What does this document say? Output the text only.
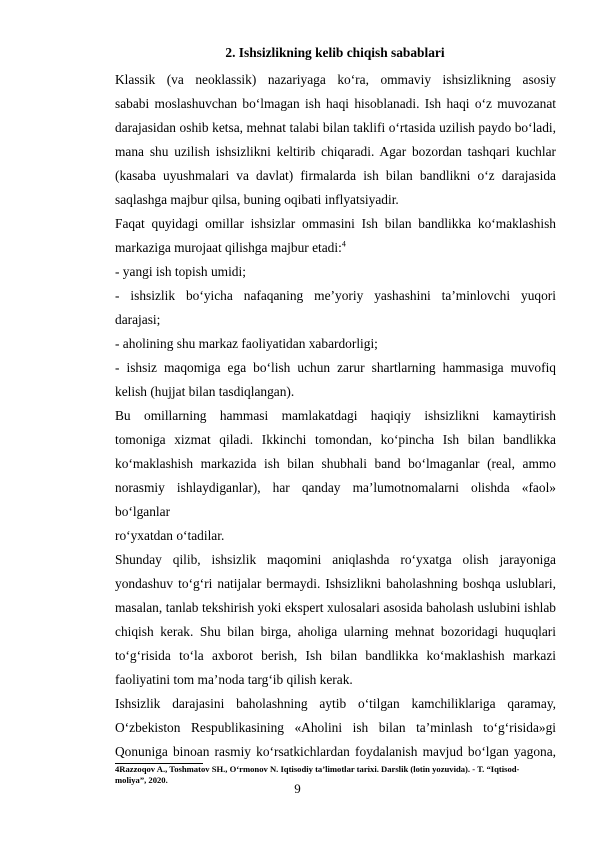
2. Ishsizlikning kelib chiqish sabablari
Klassik (va neoklassik) nazariyaga ko‘ra, ommaviy ishsizlikning asosiy
sababi moslashuvchan bo‘lmagan ish haqi hisoblanadi. Ish haqi o‘z muvozanat
darajasidan oshib ketsa, mehnat talabi bilan taklifi o‘rtasida uzilish paydo bo‘ladi,
mana shu uzilish ishsizlikni keltirib chiqaradi. Agar bozordan tashqari kuchlar
(kasaba uyushmalari va davlat) firmalarda ish bilan bandlikni o‘z darajasida
saqlashga majbur qilsa, buning oqibati inflyatsiyadir.
Faqat quyidagi omillar ishsizlar ommasini Ish bilan bandlikka ko‘maklashish
markaziga murojaat qilishga majbur etadi:$^4$
- yangi ish topish umidi;
- ishsizlik bo‘yicha nafaqaning me’yoriy yashashini ta’minlovchi yuqori
darajasi;
- aholining shu markaz faoliyatidan xabardorligi;
- ishsiz maqomiga ega bo‘lish uchun zarur shartlarning hammasiga muvofiq
kelish (hujjat bilan tasdiqlangan).
Bu omillarning hammasi mamlakatdagi haqiqiy ishsizlikni kamaytirish
tomoniga xizmat qiladi. Ikkinchi tomondan, ko‘pincha Ish bilan bandlikka
ko‘maklashish markazida ish bilan shubhali band bo‘lmaganlar (real, ammo
norasmiy ishlaydiganlar), har qanday ma’lumotnomalarni olishda «faol» bo‘lganlar
ro‘yxatdan o‘tadilar.
Shunday qilib, ishsizlik maqomini aniqlashda ro‘yxatga olish jarayoniga
yondashuv to‘g‘ri natijalar bermaydi. Ishsizlikni baholashning boshqa uslublari,
masalan, tanlab tekshirish yoki ekspert xulosalari asosida baholash uslubini ishlab
chiqish kerak. Shu bilan birga, aholiga ularning mehnat bozoridagi huquqlari
to‘g‘risida to‘la axborot berish, Ish bilan bandlikka ko‘maklashish markazi
faoliyatini tom ma’noda targ‘ib qilish kerak.
Ishsizlik darajasini baholashning aytib o‘tilgan kamchiliklariga qaramay,
O‘zbekiston Respublikasining «Aholini ish bilan ta’minlash to‘g‘risida»gi
Qonuniga binoan rasmiy ko‘rsatkichlardan foydalanish mavjud bo‘lgan yagona,
4Razzoqov A., Toshmatov SH., O‘rmonov N. Iqtisodiy ta’limotlar tarixi. Darslik (lotin yozuvida). - T. “Iqtisod-
moliya”, 2020.
9
